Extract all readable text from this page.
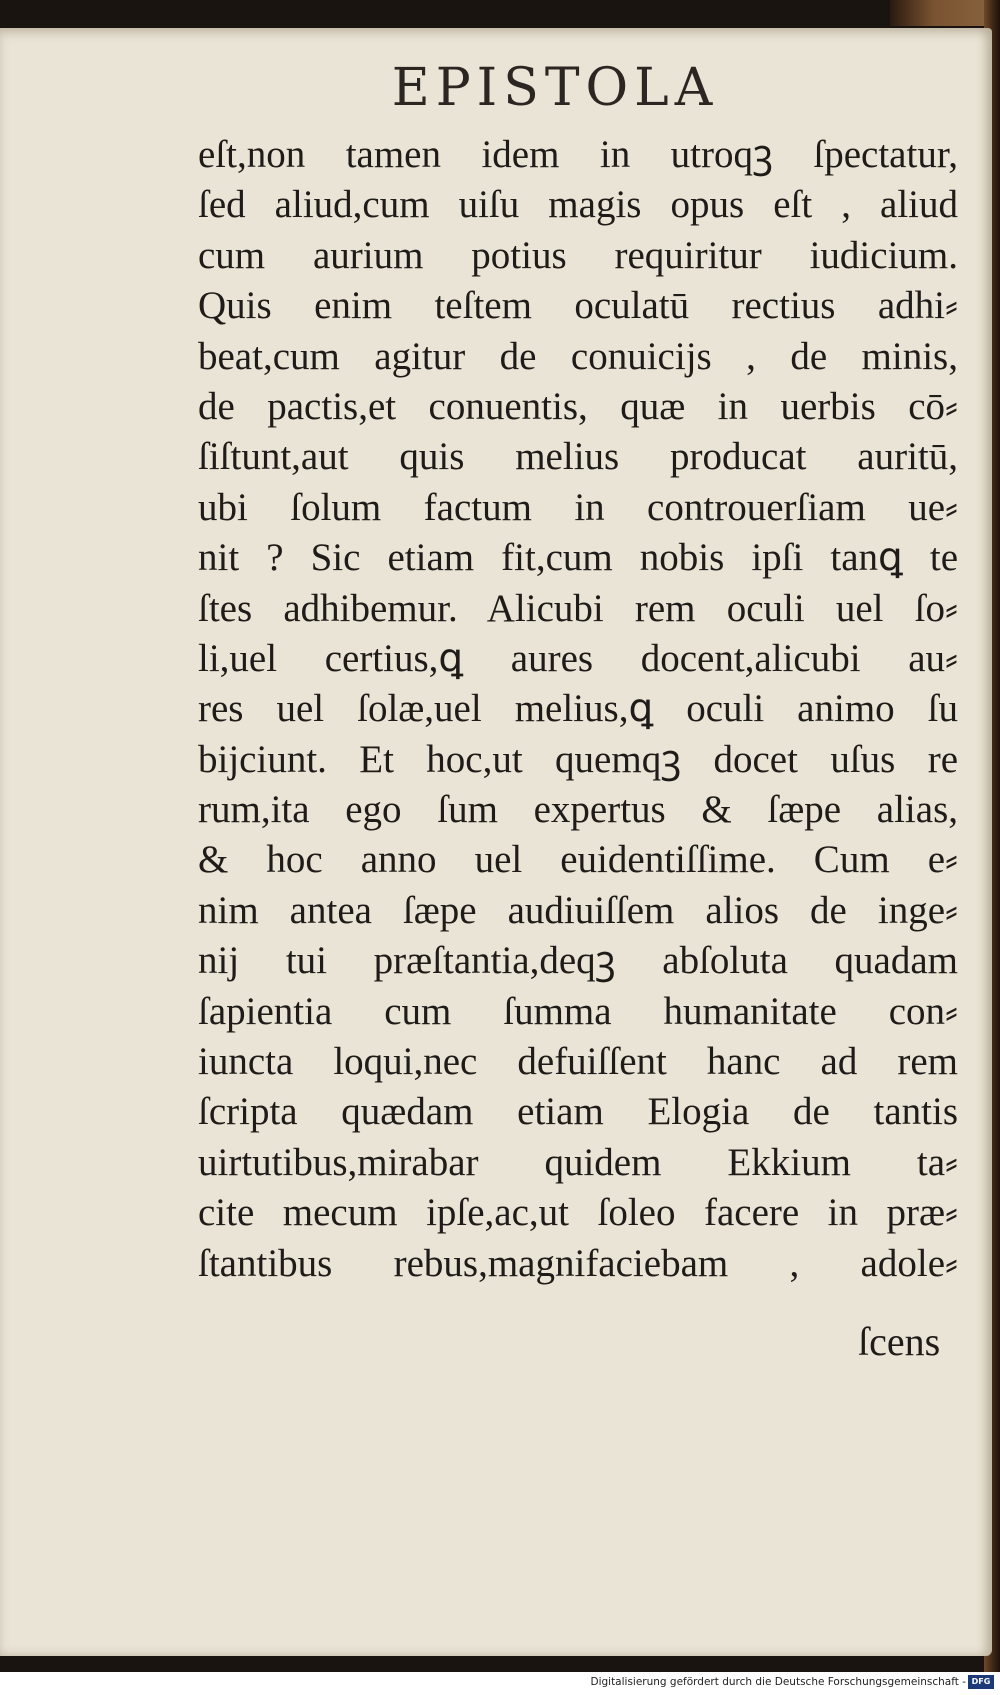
EPISTOLA
eſt,non tamen idem in utroqꝫ ſpectatur,
ſed aliud,cum uiſu magis opus eſt , aliud
cum aurium potius requiritur iudicium.
Quis enim teſtem oculatū rectius adhi⸗
beat,cum agitur de conuicijs , de minis,
de pactis,et conuentis, quæ in uerbis cō⸗
ſiſtunt,aut quis melius producat auritū,
ubi ſolum factum in controuerſiam ue⸗
nit ? Sic etiam fit,cum nobis ipſi tanꝗ te
ſtes adhibemur. Alicubi rem oculi uel ſo⸗
li,uel certius,ꝗ aures docent,alicubi au⸗
res uel ſolæ,uel melius,ꝗ oculi animo ſu
bijciunt. Et hoc,ut quemqꝫ docet uſus re
rum,ita ego ſum expertus & ſæpe alias,
& hoc anno uel euidentiſſime. Cum e⸗
nim antea ſæpe audiuiſſem alios de inge⸗
nij tui præſtantia,deqꝫ abſoluta quadam
ſapientia cum ſumma humanitate con⸗
iuncta loqui,nec defuiſſent hanc ad rem
ſcripta quædam etiam Elogia de tantis
uirtutibus,mirabar quidem Ekkium ta⸗
cite mecum ipſe,ac,ut ſoleo facere in præ⸗
ſtantibus rebus,magnifaciebam , adole⸗
ſcens
Digitalisierung gefördert durch die Deutsche Forschungsgemeinschaft - DFG
